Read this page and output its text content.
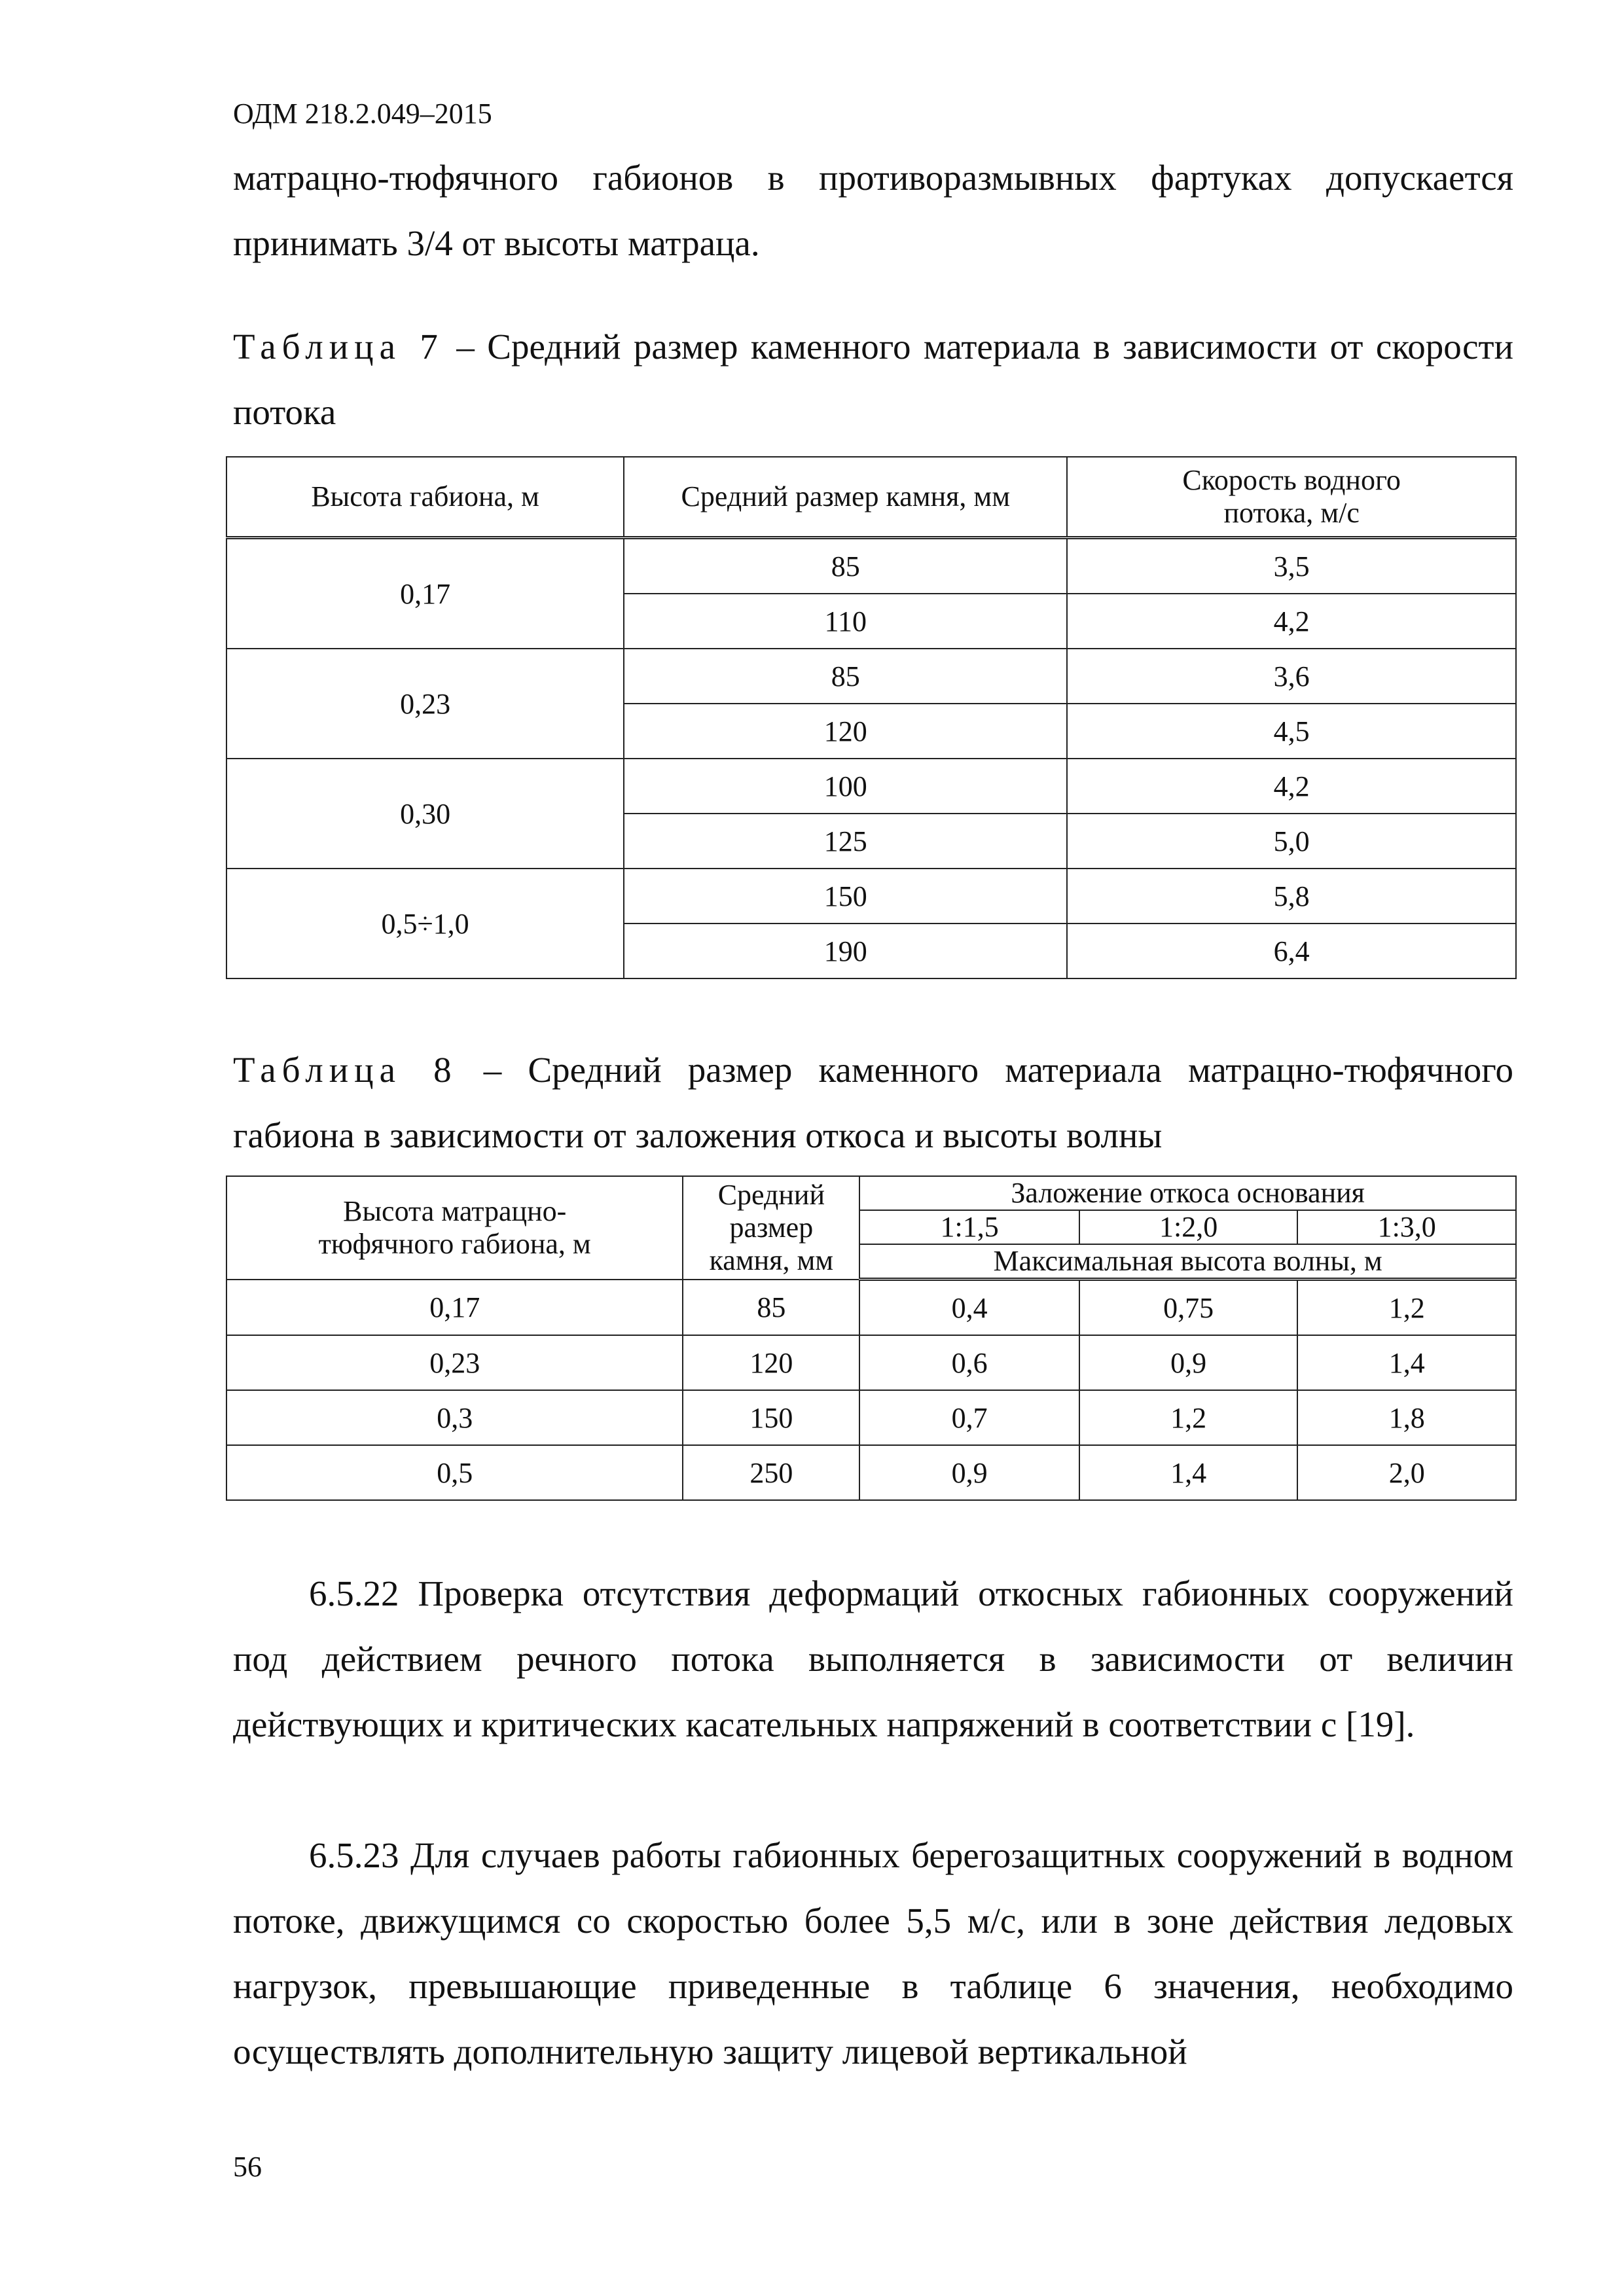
ОДМ 218.2.049–2015

матрацно-тюфячного габионов в противоразмывных фартуках допускается принимать 3/4 от высоты матраца.

Таблица 7 – Средний размер каменного материала в зависимости от скорости потока

Высота габиона, м	Средний размер камня, мм	Скорость водного потока, м/с
0,17	85	3,5
	110	4,2
0,23	85	3,6
	120	4,5
0,30	100	4,2
	125	5,0
0,5÷1,0	150	5,8
	190	6,4

Таблица 8 – Средний размер каменного материала матрацно-тюфячного габиона в зависимости от заложения откоса и высоты волны

Высота матрацно-тюфячного габиона, м	Средний размер камня, мм	Заложение откоса основания		
		1:1,5	1:2,0	1:3,0
		Максимальная высота волны, м		
0,17	85	0,4	0,75	1,2
0,23	120	0,6	0,9	1,4
0,3	150	0,7	1,2	1,8
0,5	250	0,9	1,4	2,0

6.5.22 Проверка отсутствия деформаций откосных габионных сооружений под действием речного потока выполняется в зависимости от величин действующих и критических касательных напряжений в соответствии с [19].

6.5.23 Для случаев работы габионных берегозащитных сооружений в водном потоке, движущимся со скоростью более 5,5 м/с, или в зоне действия ледовых нагрузок, превышающие приведенные в таблице 6 значения, необходимо осуществлять дополнительную защиту лицевой вертикальной

56
